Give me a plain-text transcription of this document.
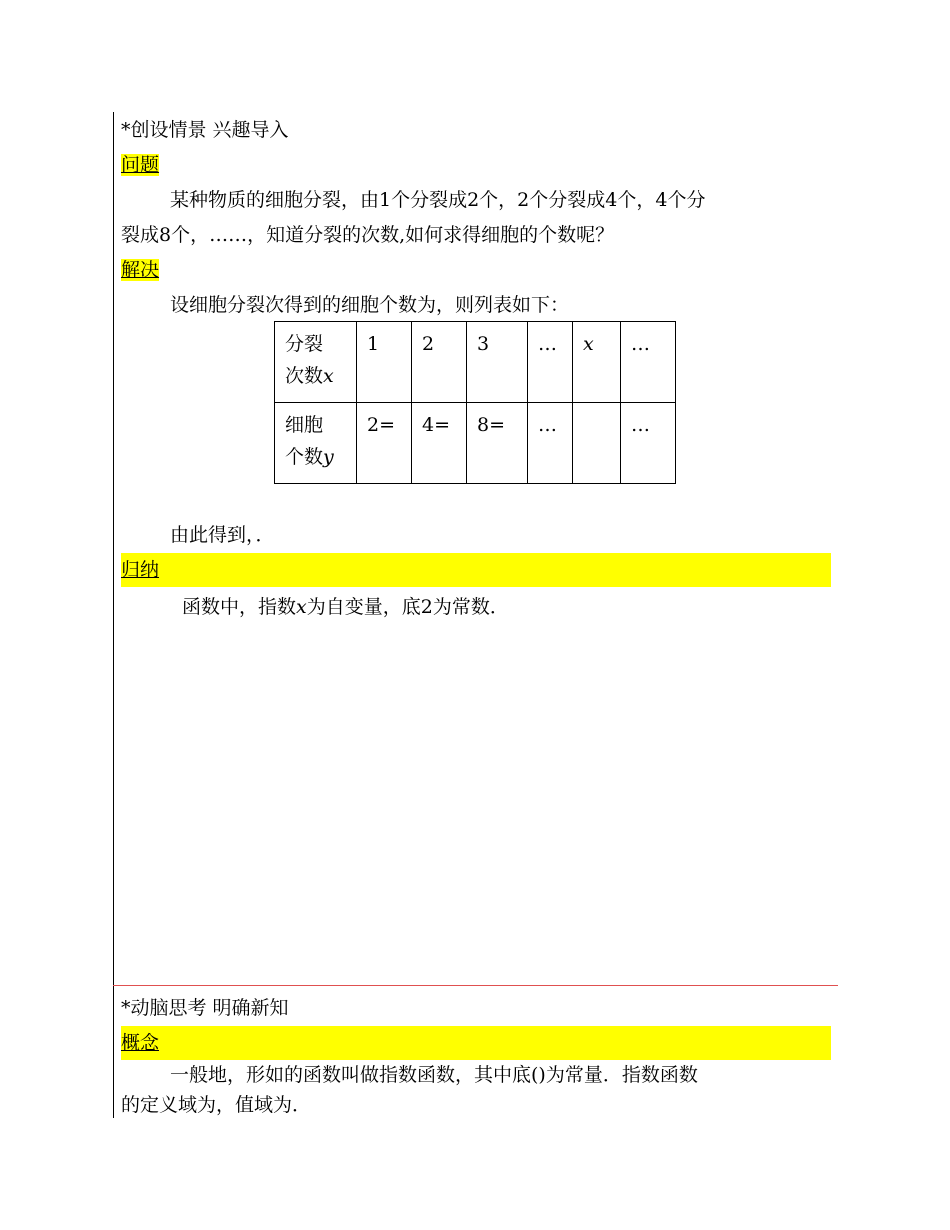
*创设情景 兴趣导入
问题
某种物质的细胞分裂，由1个分裂成2个，2个分裂成4个，4个分
裂成8个，……，知道分裂的次数,如何求得细胞的个数呢？
解决
设细胞分裂次得到的细胞个数为，则列表如下：
分裂
次数x	1	2	3	…	x	…
细胞
个数y	2=	4=	8=	…		…
由此得到，．
归纳
函数中，指数x为自变量，底2为常数．
*动脑思考 明确新知
概念
一般地，形如的函数叫做指数函数，其中底()为常量．指数函数
的定义域为，值域为．
